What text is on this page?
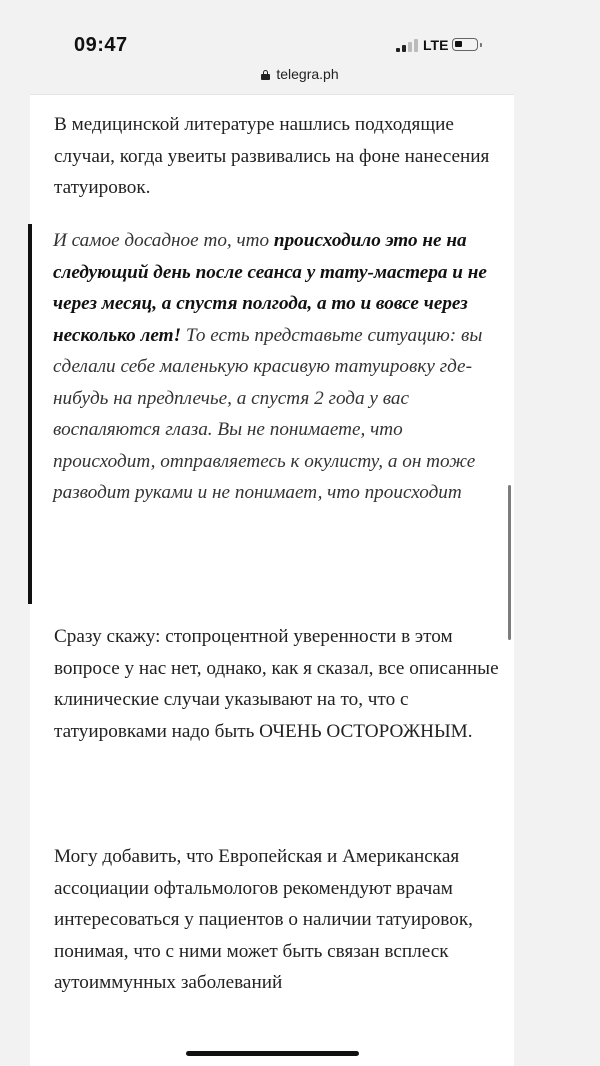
09:47	LTE
telegra.ph

В медицинской литературе нашлись подходящие случаи, когда увеиты развивались на фоне нанесения татуировок.

И самое досадное то, что происходило это не на следующий день после сеанса у тату-мастера и не через месяц, а спустя полгода, а то и вовсе через несколько лет! То есть представьте ситуацию: вы сделали себе маленькую красивую татуировку где-нибудь на предплечье, а спустя 2 года у вас воспаляются глаза. Вы не понимаете, что происходит, отправляетесь к окулисту, а он тоже разводит руками и не понимает, что происходит

Сразу скажу: стопроцентной уверенности в этом вопросе у нас нет, однако, как я сказал, все описанные клинические случаи указывают на то, что с татуировками надо быть ОЧЕНЬ ОСТОРОЖНЫМ.

Могу добавить, что Европейская и Американская ассоциации офтальмологов рекомендуют врачам интересоваться у пациентов о наличии татуировок, понимая, что с ними может быть связан всплеск аутоиммунных заболеваний
